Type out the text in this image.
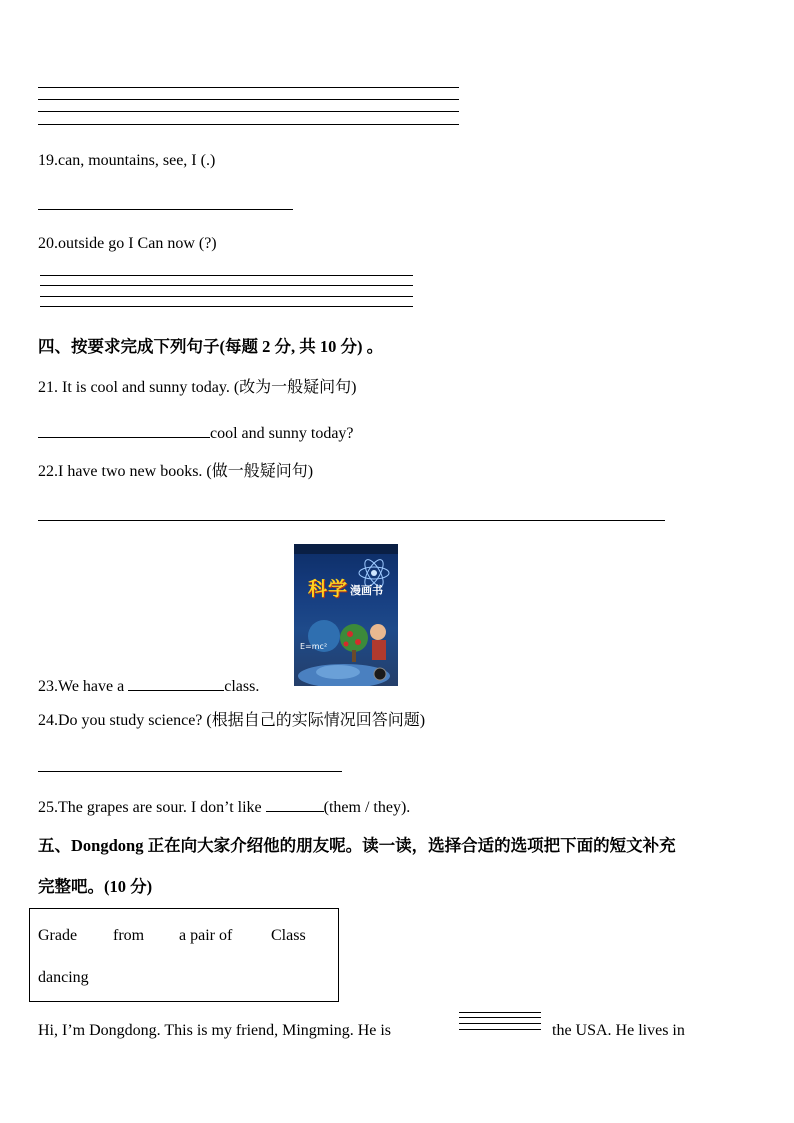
19.can, mountains, see, I (.)
20.outside go I Can now (?)
四、按要求完成下列句子(每题 2 分, 共 10 分) 。
21. It is cool and sunny today. (改为一般疑问句)
cool and sunny today?
22.I have two new books. (做一般疑问句)
科学 漫画书
E=mc²
23.We have a	class.
24.Do you study science? (根据自己的实际情况回答问题)
25.The grapes are sour. I don’t like	(them / they).
五、Dongdong 正在向大家介绍他的朋友呢。读一读，选择合适的选项把下面的短文补充
完整吧。(10 分)
Grade from a pair of Class
dancing
Hi, I’m Dongdong. This is my friend, Mingming. He is	the USA. He lives in
